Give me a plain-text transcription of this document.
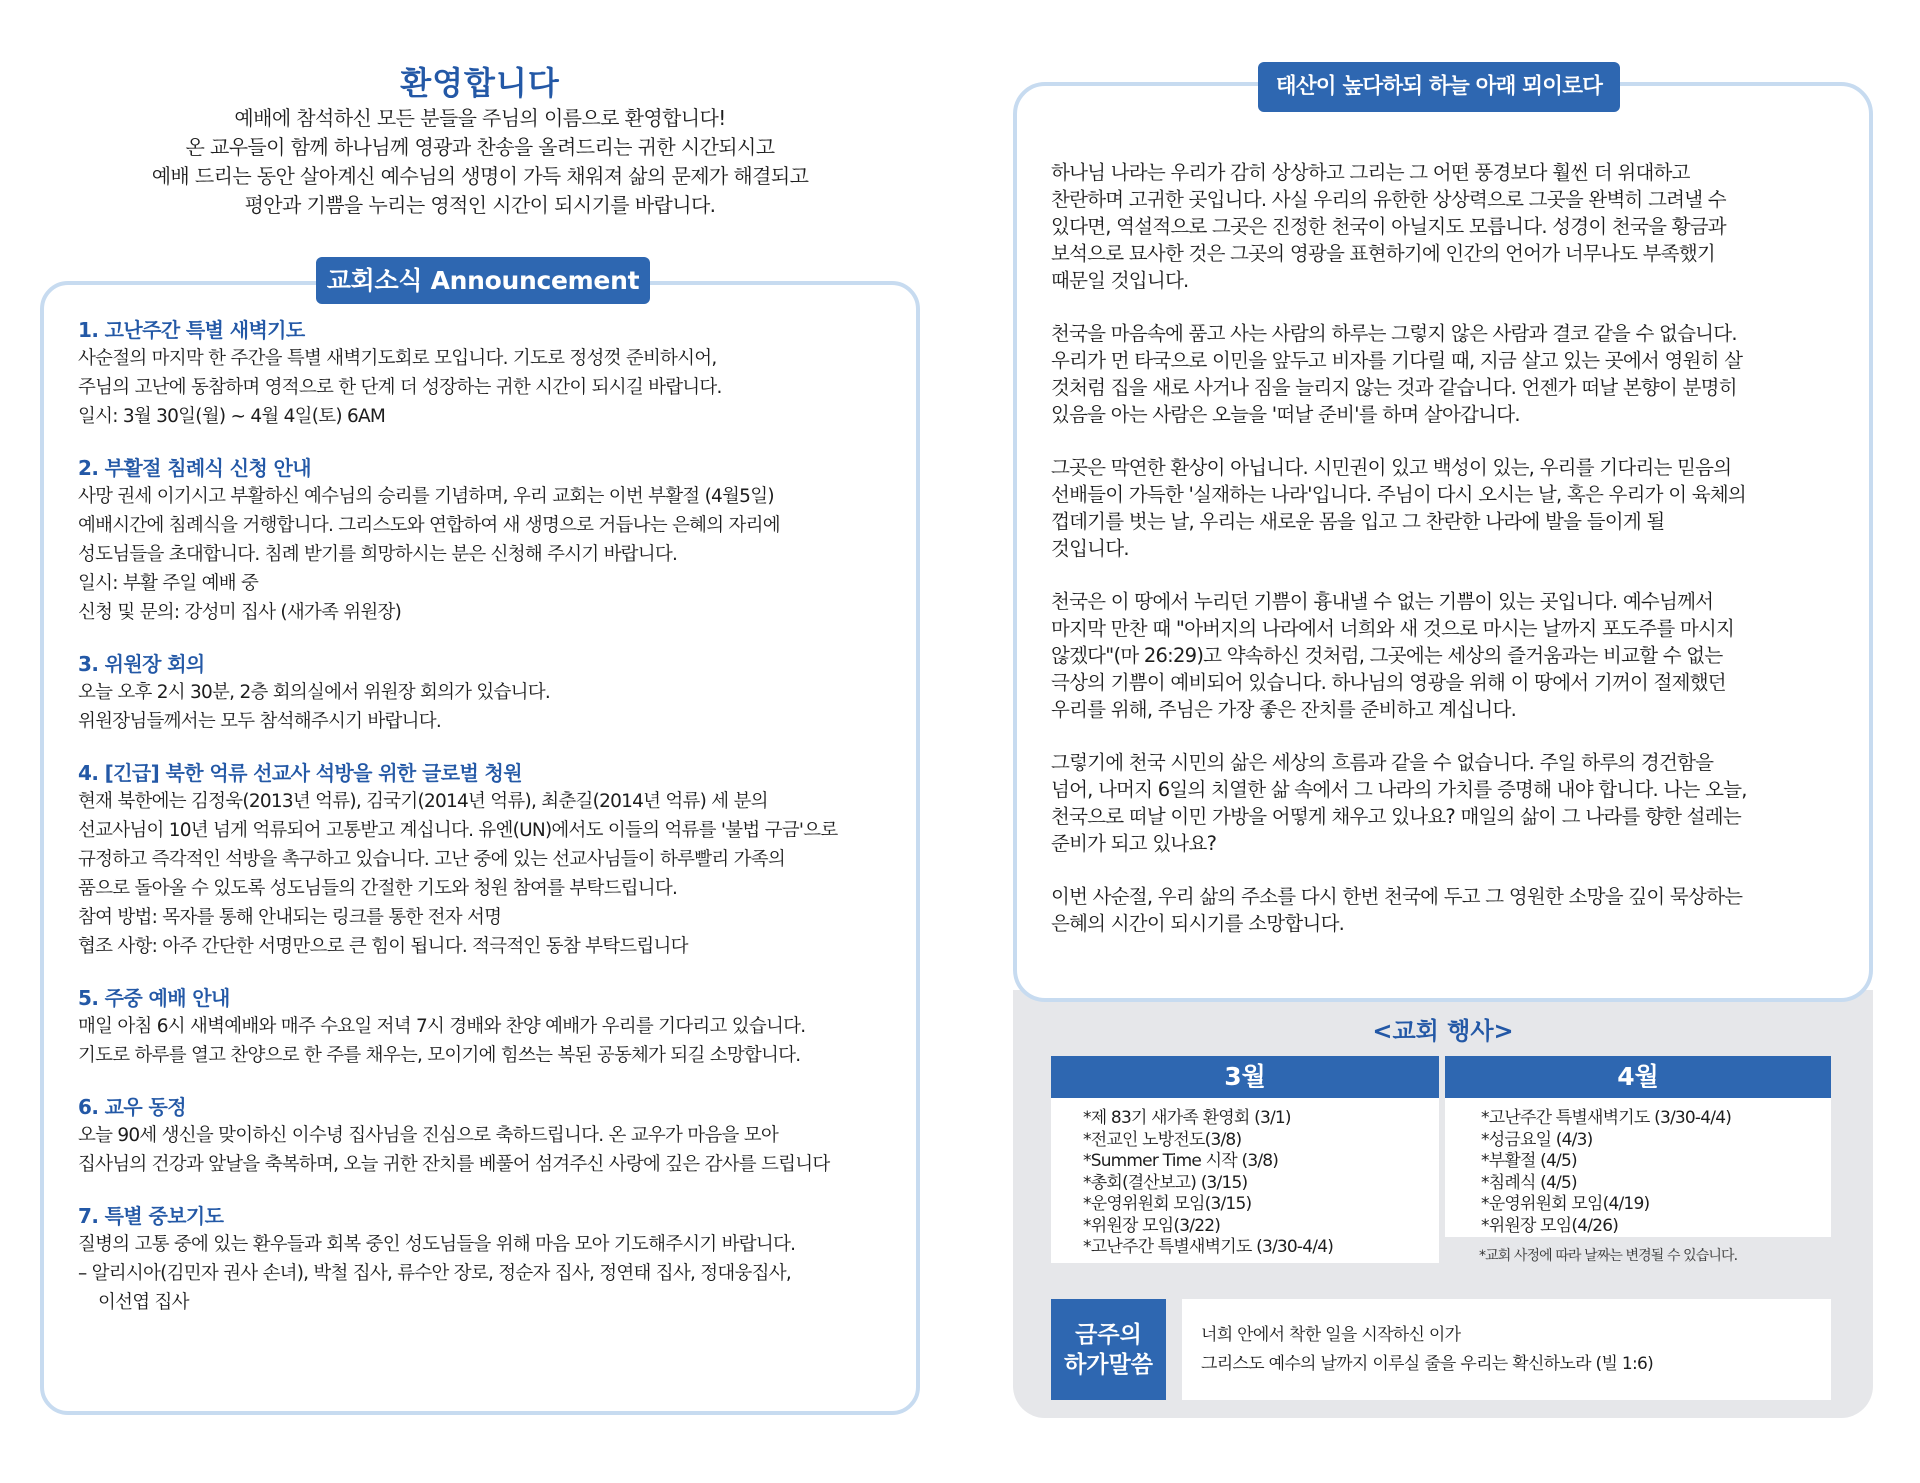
환영합니다
예배에 참석하신 모든 분들을 주님의 이름으로 환영합니다!
온 교우들이 함께 하나님께 영광과 찬송을 올려드리는 귀한 시간되시고
예배 드리는 동안 살아계신 예수님의 생명이 가득 채워져 삶의 문제가 해결되고
평안과 기쁨을 누리는 영적인 시간이 되시기를 바랍니다.
교회소식 Announcement
1. 고난주간 특별 새벽기도
사순절의 마지막 한 주간을 특별 새벽기도회로 모입니다. 기도로 정성껏 준비하시어,
주님의 고난에 동참하며 영적으로 한 단계 더 성장하는 귀한 시간이 되시길 바랍니다.
일시: 3월 30일(월) ~ 4월 4일(토) 6AM
2. 부활절 침례식 신청 안내
사망 권세 이기시고 부활하신 예수님의 승리를 기념하며, 우리 교회는 이번 부활절 (4월5일)
예배시간에 침례식을 거행합니다. 그리스도와 연합하여 새 생명으로 거듭나는 은혜의 자리에
성도님들을 초대합니다. 침례 받기를 희망하시는 분은 신청해 주시기 바랍니다.
일시: 부활 주일 예배 중
신청 및 문의: 강성미 집사 (새가족 위원장)
3. 위원장 회의
오늘 오후 2시 30분, 2층 회의실에서 위원장 회의가 있습니다.
위원장님들께서는 모두 참석해주시기 바랍니다.
4. [긴급] 북한 억류 선교사 석방을 위한 글로벌 청원
현재 북한에는 김정욱(2013년 억류), 김국기(2014년 억류), 최춘길(2014년 억류) 세 분의
선교사님이 10년 넘게 억류되어 고통받고 계십니다. 유엔(UN)에서도 이들의 억류를 '불법 구금'으로
규정하고 즉각적인 석방을 촉구하고 있습니다. 고난 중에 있는 선교사님들이 하루빨리 가족의
품으로 돌아올 수 있도록 성도님들의 간절한 기도와 청원 참여를 부탁드립니다.
참여 방법: 목자를 통해 안내되는 링크를 통한 전자 서명
협조 사항: 아주 간단한 서명만으로 큰 힘이 됩니다. 적극적인 동참 부탁드립니다
5. 주중 예배 안내
매일 아침 6시 새벽예배와 매주 수요일 저녁 7시 경배와 찬양 예배가 우리를 기다리고 있습니다.
기도로 하루를 열고 찬양으로 한 주를 채우는, 모이기에 힘쓰는 복된 공동체가 되길 소망합니다.
6. 교우 동정
오늘 90세 생신을 맞이하신 이수녕 집사님을 진심으로 축하드립니다. 온 교우가 마음을 모아
집사님의 건강과 앞날을 축복하며, 오늘 귀한 잔치를 베풀어 섬겨주신 사랑에 깊은 감사를 드립니다
7. 특별 중보기도
질병의 고통 중에 있는 환우들과 회복 중인 성도님들을 위해 마음 모아 기도해주시기 바랍니다.
– 알리시아(김민자 권사 손녀), 박철 집사, 류수안 장로, 정순자 집사, 정연태 집사, 정대웅집사,
이선엽 집사
태산이 높다하되 하늘 아래 뫼이로다
하나님 나라는 우리가 감히 상상하고 그리는 그 어떤 풍경보다 훨씬 더 위대하고
찬란하며 고귀한 곳입니다. 사실 우리의 유한한 상상력으로 그곳을 완벽히 그려낼 수
있다면, 역설적으로 그곳은 진정한 천국이 아닐지도 모릅니다. 성경이 천국을 황금과
보석으로 묘사한 것은 그곳의 영광을 표현하기에 인간의 언어가 너무나도 부족했기
때문일 것입니다.
천국을 마음속에 품고 사는 사람의 하루는 그렇지 않은 사람과 결코 같을 수 없습니다.
우리가 먼 타국으로 이민을 앞두고 비자를 기다릴 때, 지금 살고 있는 곳에서 영원히 살
것처럼 집을 새로 사거나 짐을 늘리지 않는 것과 같습니다. 언젠가 떠날 본향이 분명히
있음을 아는 사람은 오늘을 '떠날 준비'를 하며 살아갑니다.
그곳은 막연한 환상이 아닙니다. 시민권이 있고 백성이 있는, 우리를 기다리는 믿음의
선배들이 가득한 '실재하는 나라'입니다. 주님이 다시 오시는 날, 혹은 우리가 이 육체의
껍데기를 벗는 날, 우리는 새로운 몸을 입고 그 찬란한 나라에 발을 들이게 될
것입니다.
천국은 이 땅에서 누리던 기쁨이 흉내낼 수 없는 기쁨이 있는 곳입니다. 예수님께서
마지막 만찬 때 "아버지의 나라에서 너희와 새 것으로 마시는 날까지 포도주를 마시지
않겠다"(마 26:29)고 약속하신 것처럼, 그곳에는 세상의 즐거움과는 비교할 수 없는
극상의 기쁨이 예비되어 있습니다. 하나님의 영광을 위해 이 땅에서 기꺼이 절제했던
우리를 위해, 주님은 가장 좋은 잔치를 준비하고 계십니다.
그렇기에 천국 시민의 삶은 세상의 흐름과 같을 수 없습니다. 주일 하루의 경건함을
넘어, 나머지 6일의 치열한 삶 속에서 그 나라의 가치를 증명해 내야 합니다. 나는 오늘,
천국으로 떠날 이민 가방을 어떻게 채우고 있나요? 매일의 삶이 그 나라를 향한 설레는
준비가 되고 있나요?
이번 사순절, 우리 삶의 주소를 다시 한번 천국에 두고 그 영원한 소망을 깊이 묵상하는
은혜의 시간이 되시기를 소망합니다.
<교회 행사>
3월	4월
*제 83기 새가족 환영회 (3/1)
*전교인 노방전도(3/8)
*Summer Time 시작 (3/8)
*총회(결산보고) (3/15)
*운영위원회 모임(3/15)
*위원장 모임(3/22)
*고난주간 특별새벽기도 (3/30-4/4)
*고난주간 특별새벽기도 (3/30-4/4)
*성금요일 (4/3)
*부활절 (4/5)
*침례식 (4/5)
*운영위원회 모임(4/19)
*위원장 모임(4/26)
*교회 사정에 따라 날짜는 변경될 수 있습니다.
금주의
하가말씀
너희 안에서 착한 일을 시작하신 이가
그리스도 예수의 날까지 이루실 줄을 우리는 확신하노라 (빌 1:6)
